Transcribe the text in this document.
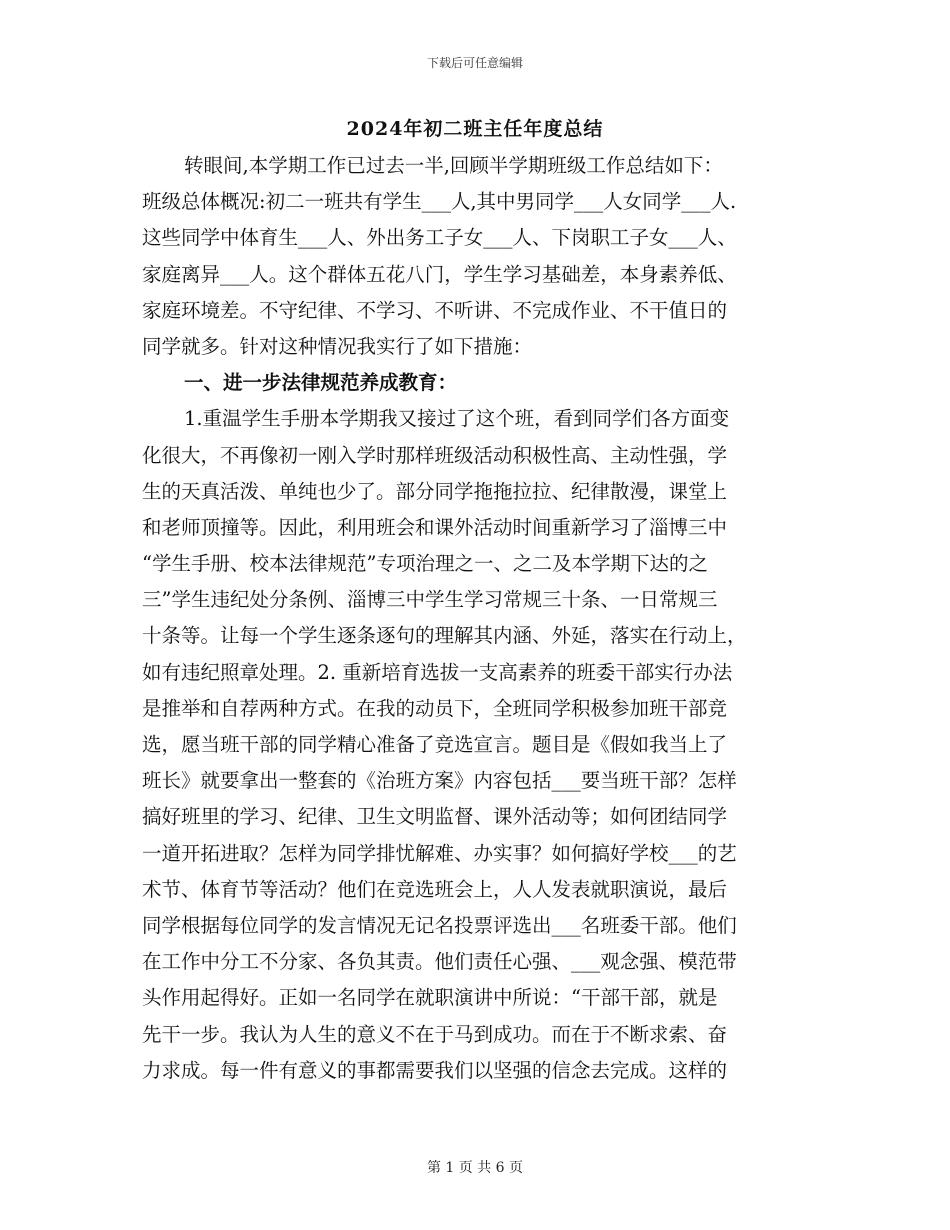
下载后可任意编辑
2024年初二班主任年度总结
转眼间,本学期工作已过去一半,回顾半学期班级工作总结如下：
班级总体概况:初二一班共有学生___人,其中男同学___人女同学___人.
这些同学中体育生___人、外出务工子女___人、下岗职工子女___人、
家庭离异___人。这个群体五花八门，学生学习基础差，本身素养低、
家庭环境差。不守纪律、不学习、不听讲、不完成作业、不干值日的
同学就多。针对这种情况我实行了如下措施：
一、进一步法律规范养成教育：
1.重温学生手册本学期我又接过了这个班，看到同学们各方面变
化很大，不再像初一刚入学时那样班级活动积极性高、主动性强，学
生的天真活泼、单纯也少了。部分同学拖拖拉拉、纪律散漫，课堂上
和老师顶撞等。因此，利用班会和课外活动时间重新学习了淄博三中
“学生手册、校本法律规范”专项治理之一、之二及本学期下达的之
三”学生违纪处分条例、淄博三中学生学习常规三十条、一日常规三
十条等。让每一个学生逐条逐句的理解其内涵、外延，落实在行动上，
如有违纪照章处理。2. 重新培育选拔一支高素养的班委干部实行办法
是推举和自荐两种方式。在我的动员下，全班同学积极参加班干部竞
选，愿当班干部的同学精心准备了竞选宣言。题目是《假如我当上了
班长》就要拿出一整套的《治班方案》内容包括___要当班干部？怎样
搞好班里的学习、纪律、卫生文明监督、课外活动等；如何团结同学
一道开拓进取？怎样为同学排忧解难、办实事？如何搞好学校___的艺
术节、体育节等活动？他们在竞选班会上，人人发表就职演说，最后
同学根据每位同学的发言情况无记名投票评选出___名班委干部。他们
在工作中分工不分家、各负其责。他们责任心强、___观念强、模范带
头作用起得好。正如一名同学在就职演讲中所说：“干部干部，就是
先干一步。我认为人生的意义不在于马到成功。而在于不断求索、奋
力求成。每一件有意义的事都需要我们以坚强的信念去完成。这样的
第 1 页 共 6 页
